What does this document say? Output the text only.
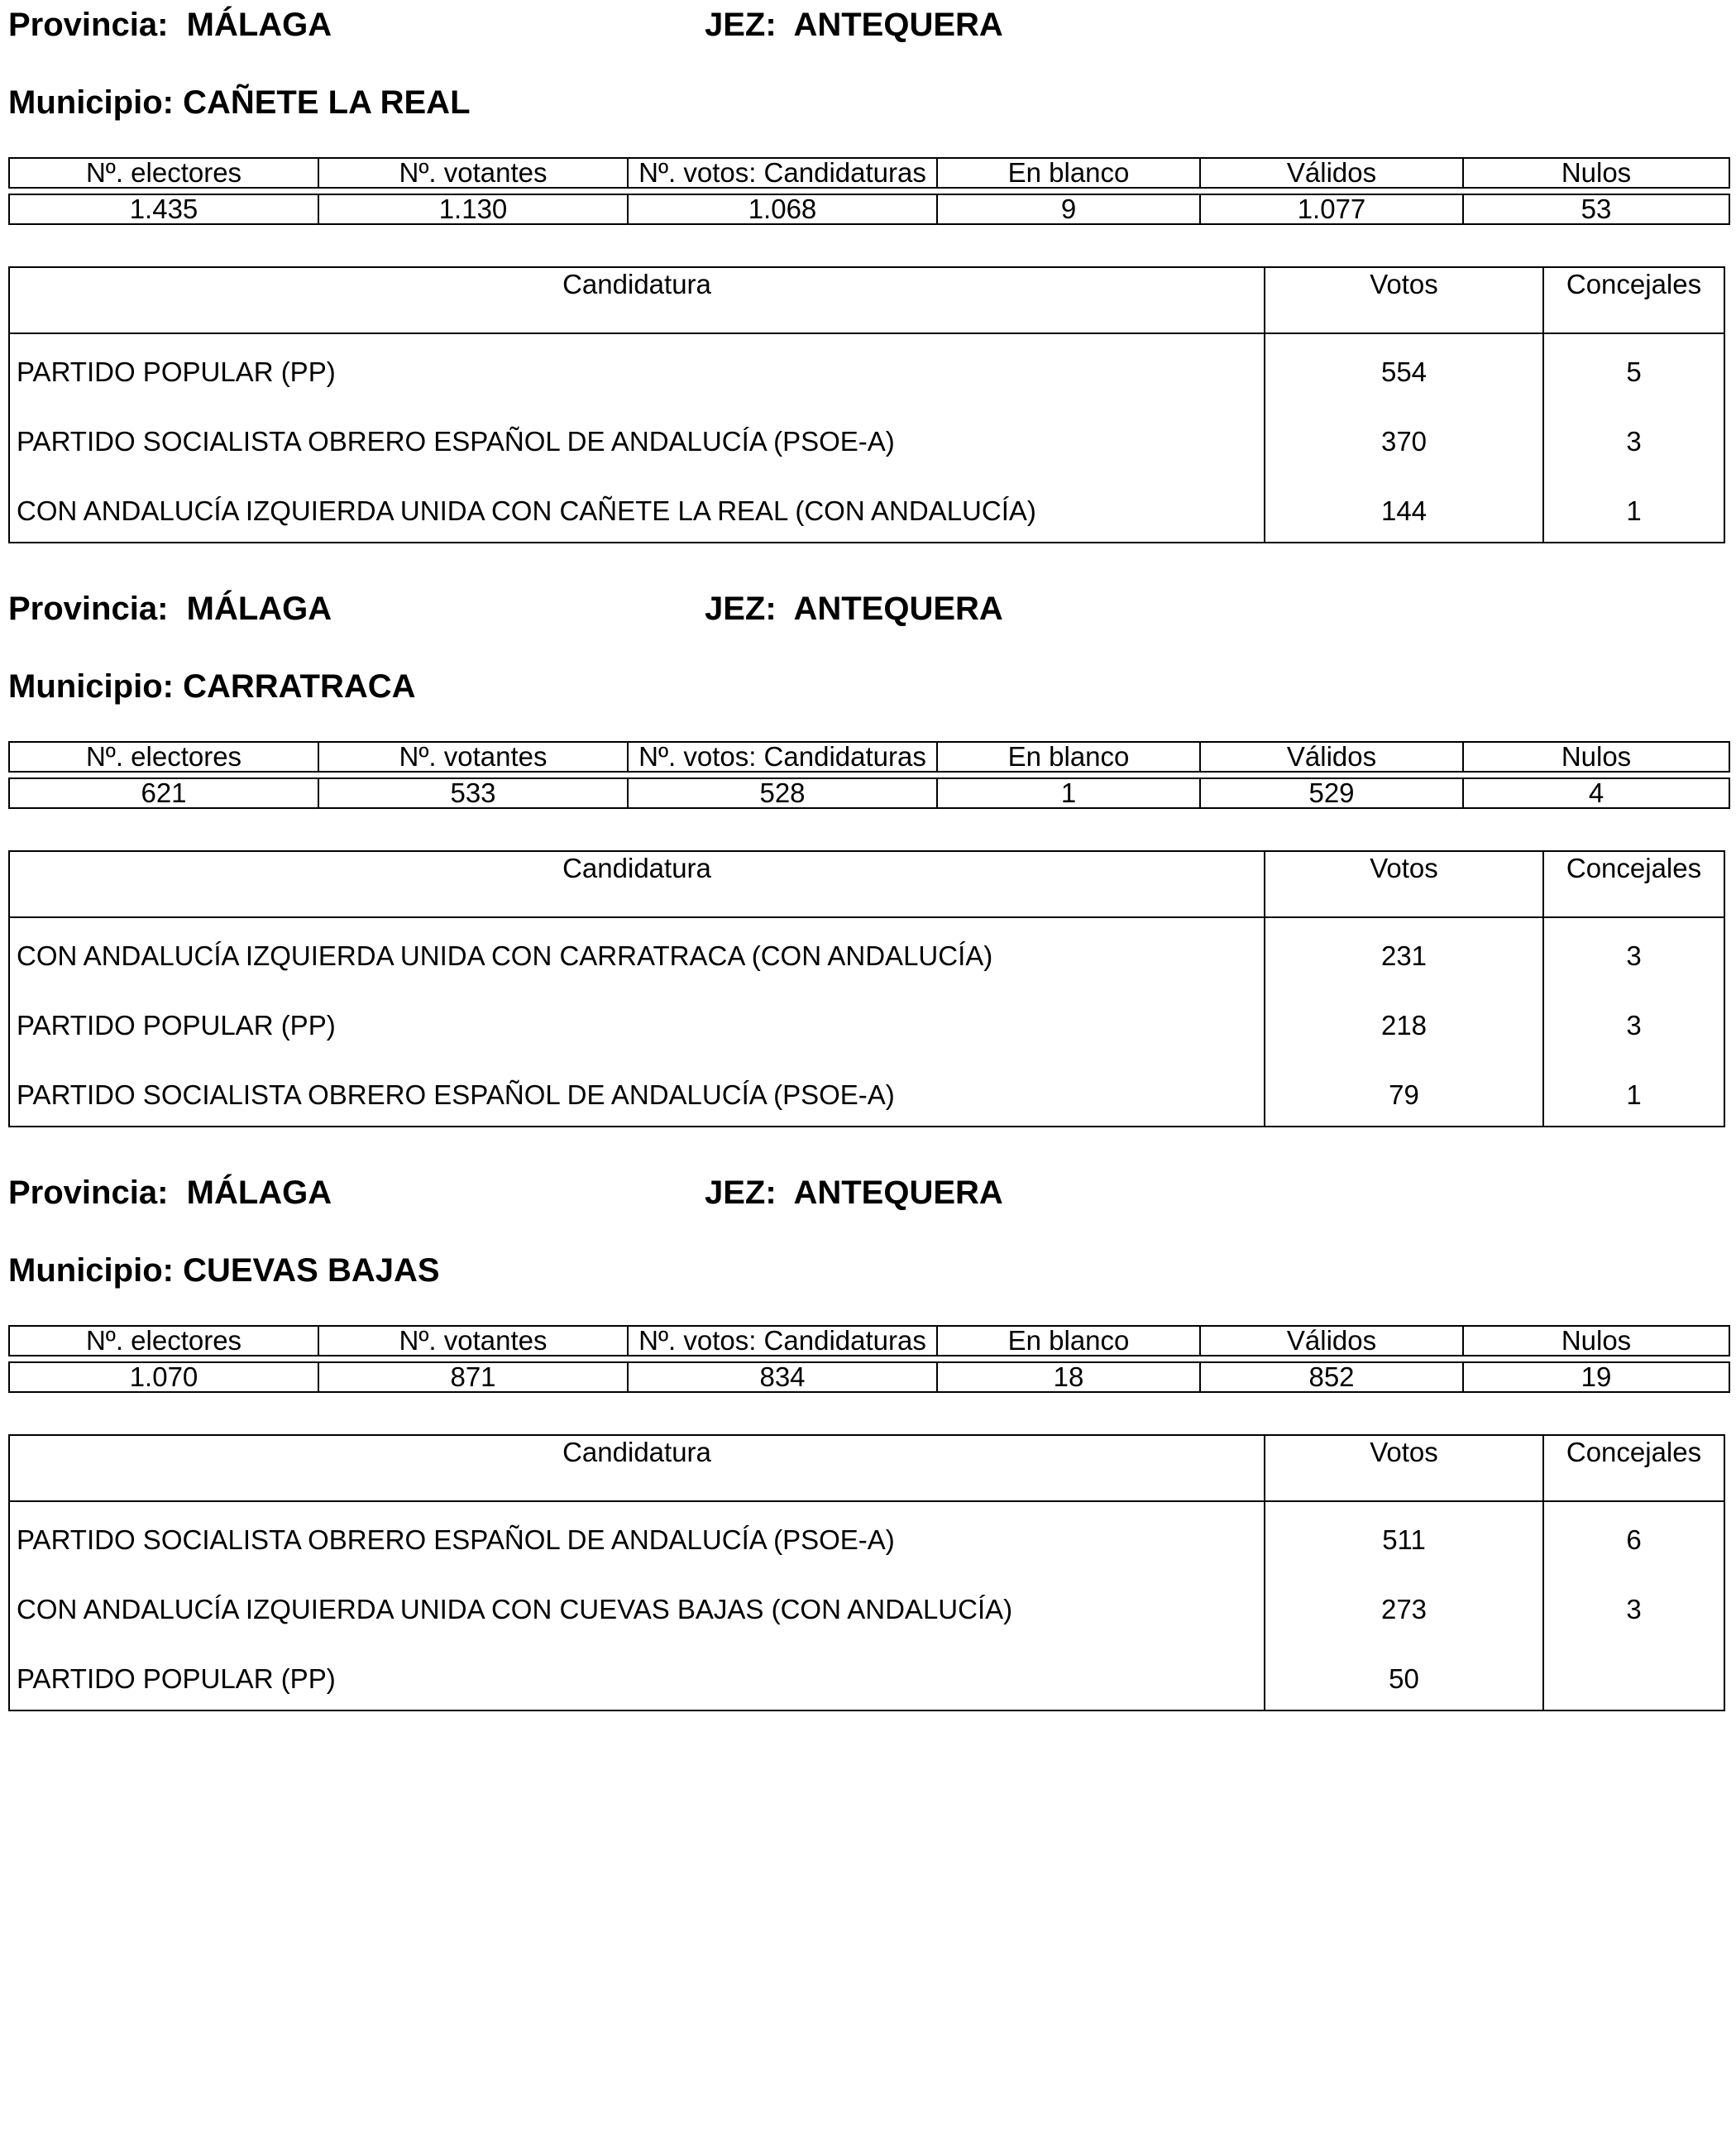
Provincia: MÁLAGA	JEZ: ANTEQUERA
Municipio: CAÑETE LA REAL
Nº. electores	Nº. votantes	Nº. votos: Candidaturas	En blanco	Válidos	Nulos

1.435	1.130	1.068	9	1.077	53
Candidatura	Votos	Concejales
PARTIDO POPULAR (PP)	554	5
PARTIDO SOCIALISTA OBRERO ESPAÑOL DE ANDALUCÍA (PSOE-A)	370	3
CON ANDALUCÍA IZQUIERDA UNIDA CON CAÑETE LA REAL (CON ANDALUCÍA)	144	1
Provincia: MÁLAGA	JEZ: ANTEQUERA
Municipio: CARRATRACA
Nº. electores	Nº. votantes	Nº. votos: Candidaturas	En blanco	Válidos	Nulos

621	533	528	1	529	4
Candidatura	Votos	Concejales
CON ANDALUCÍA IZQUIERDA UNIDA CON CARRATRACA (CON ANDALUCÍA)	231	3
PARTIDO POPULAR (PP)	218	3
PARTIDO SOCIALISTA OBRERO ESPAÑOL DE ANDALUCÍA (PSOE-A)	79	1
Provincia: MÁLAGA	JEZ: ANTEQUERA
Municipio: CUEVAS BAJAS
Nº. electores	Nº. votantes	Nº. votos: Candidaturas	En blanco	Válidos	Nulos

1.070	871	834	18	852	19
Candidatura	Votos	Concejales
PARTIDO SOCIALISTA OBRERO ESPAÑOL DE ANDALUCÍA (PSOE-A)	511	6
CON ANDALUCÍA IZQUIERDA UNIDA CON CUEVAS BAJAS (CON ANDALUCÍA)	273	3
PARTIDO POPULAR (PP)	50
